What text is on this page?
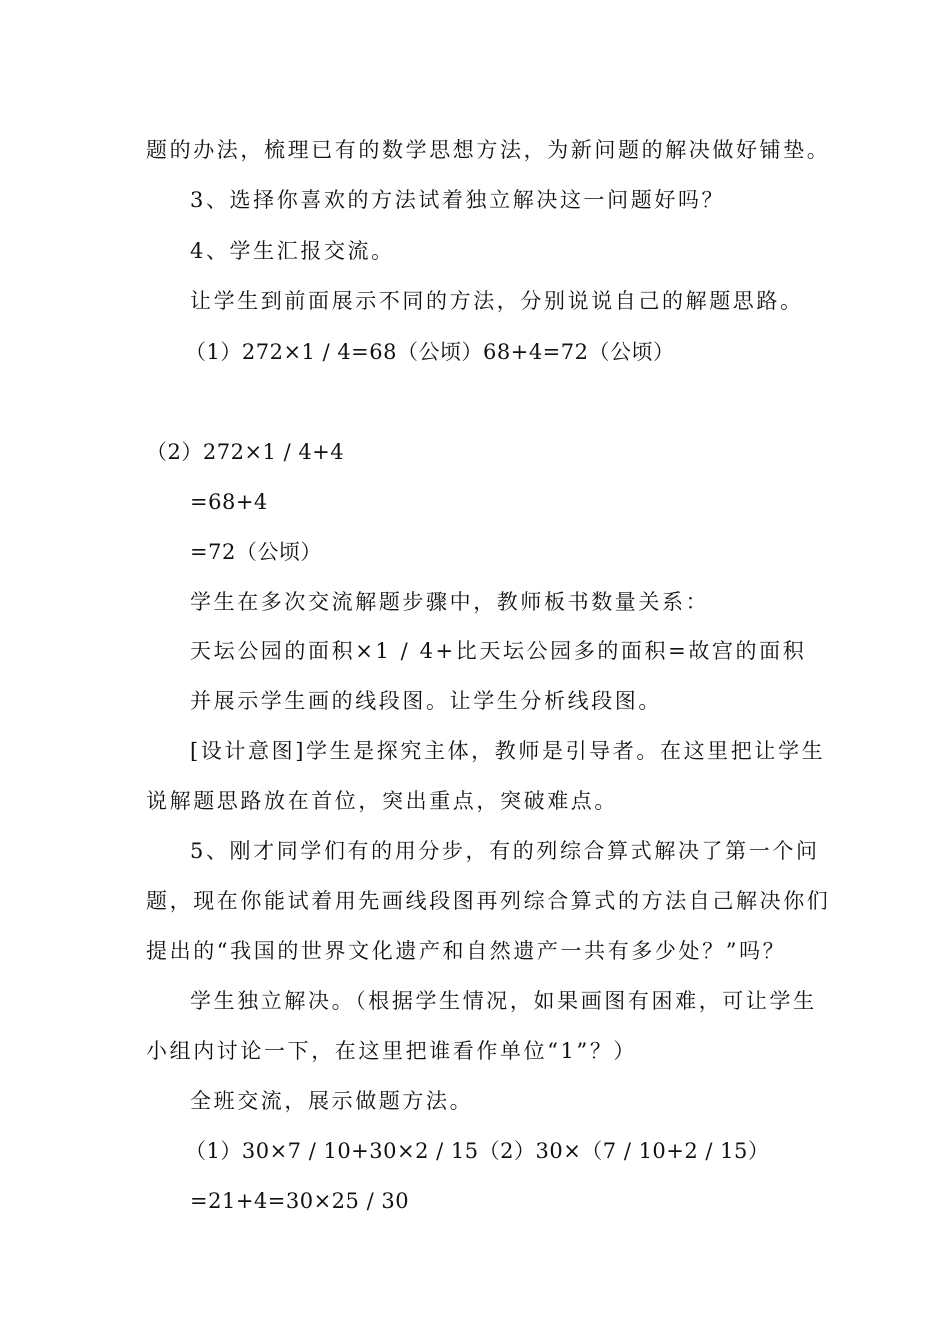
题的办法，梳理已有的数学思想方法，为新问题的解决做好铺垫。
3、选择你喜欢的方法试着独立解决这一问题好吗？
4、学生汇报交流。
让学生到前面展示不同的方法，分别说说自己的解题思路。
（1）272×1 / 4=68（公顷）68+4=72（公顷）
（2）272×1 / 4+4
=68+4
=72（公顷）
学生在多次交流解题步骤中，教师板书数量关系：
天坛公园的面积×1 / 4+比天坛公园多的面积=故宫的面积
并展示学生画的线段图。让学生分析线段图。
[设计意图]学生是探究主体，教师是引导者。在这里把让学生
说解题思路放在首位，突出重点，突破难点。
5、刚才同学们有的用分步，有的列综合算式解决了第一个问
题，现在你能试着用先画线段图再列综合算式的方法自己解决你们
提出的“我国的世界文化遗产和自然遗产一共有多少处？”吗？
学生独立解决。（根据学生情况，如果画图有困难，可让学生
小组内讨论一下，在这里把谁看作单位“1”？）
全班交流，展示做题方法。
（1）30×7 / 10+30×2 / 15（2）30×（7 / 10+2 / 15）
=21+4=30×25 / 30
